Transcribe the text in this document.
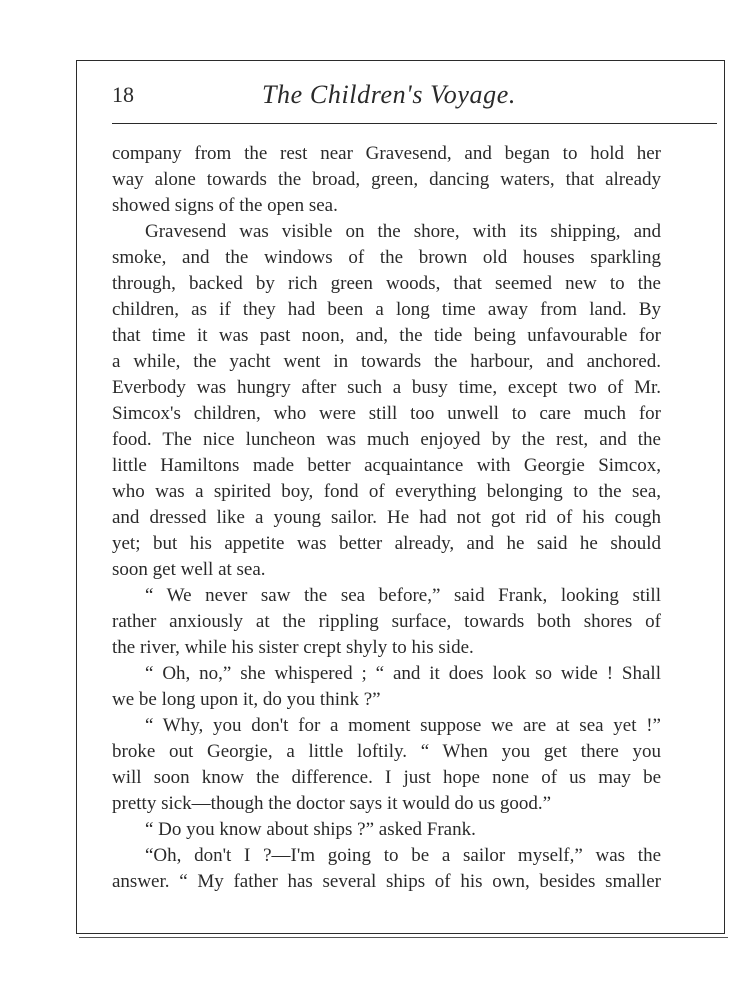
18	The Children's Voyage.
company from the rest near Gravesend, and began to hold her
way alone towards the broad, green, dancing waters, that already
showed signs of the open sea.
Gravesend was visible on the shore, with its shipping, and
smoke, and the windows of the brown old houses sparkling
through, backed by rich green woods, that seemed new to the
children, as if they had been a long time away from land. By
that time it was past noon, and, the tide being unfavourable for
a while, the yacht went in towards the harbour, and anchored.
Everbody was hungry after such a busy time, except two of Mr.
Simcox's children, who were still too unwell to care much for
food. The nice luncheon was much enjoyed by the rest, and the
little Hamiltons made better acquaintance with Georgie Simcox,
who was a spirited boy, fond of everything belonging to the sea,
and dressed like a young sailor. He had not got rid of his cough
yet; but his appetite was better already, and he said he should
soon get well at sea.
“ We never saw the sea before,” said Frank, looking still
rather anxiously at the rippling surface, towards both shores of
the river, while his sister crept shyly to his side.
“ Oh, no,” she whispered ; “ and it does look so wide ! Shall
we be long upon it, do you think ?”
“ Why, you don't for a moment suppose we are at sea yet !”
broke out Georgie, a little loftily. “ When you get there you
will soon know the difference. I just hope none of us may be
pretty sick—though the doctor says it would do us good.”
“ Do you know about ships ?” asked Frank.
“Oh, don't I ?—I'm going to be a sailor myself,” was the
answer. “ My father has several ships of his own, besides smaller
